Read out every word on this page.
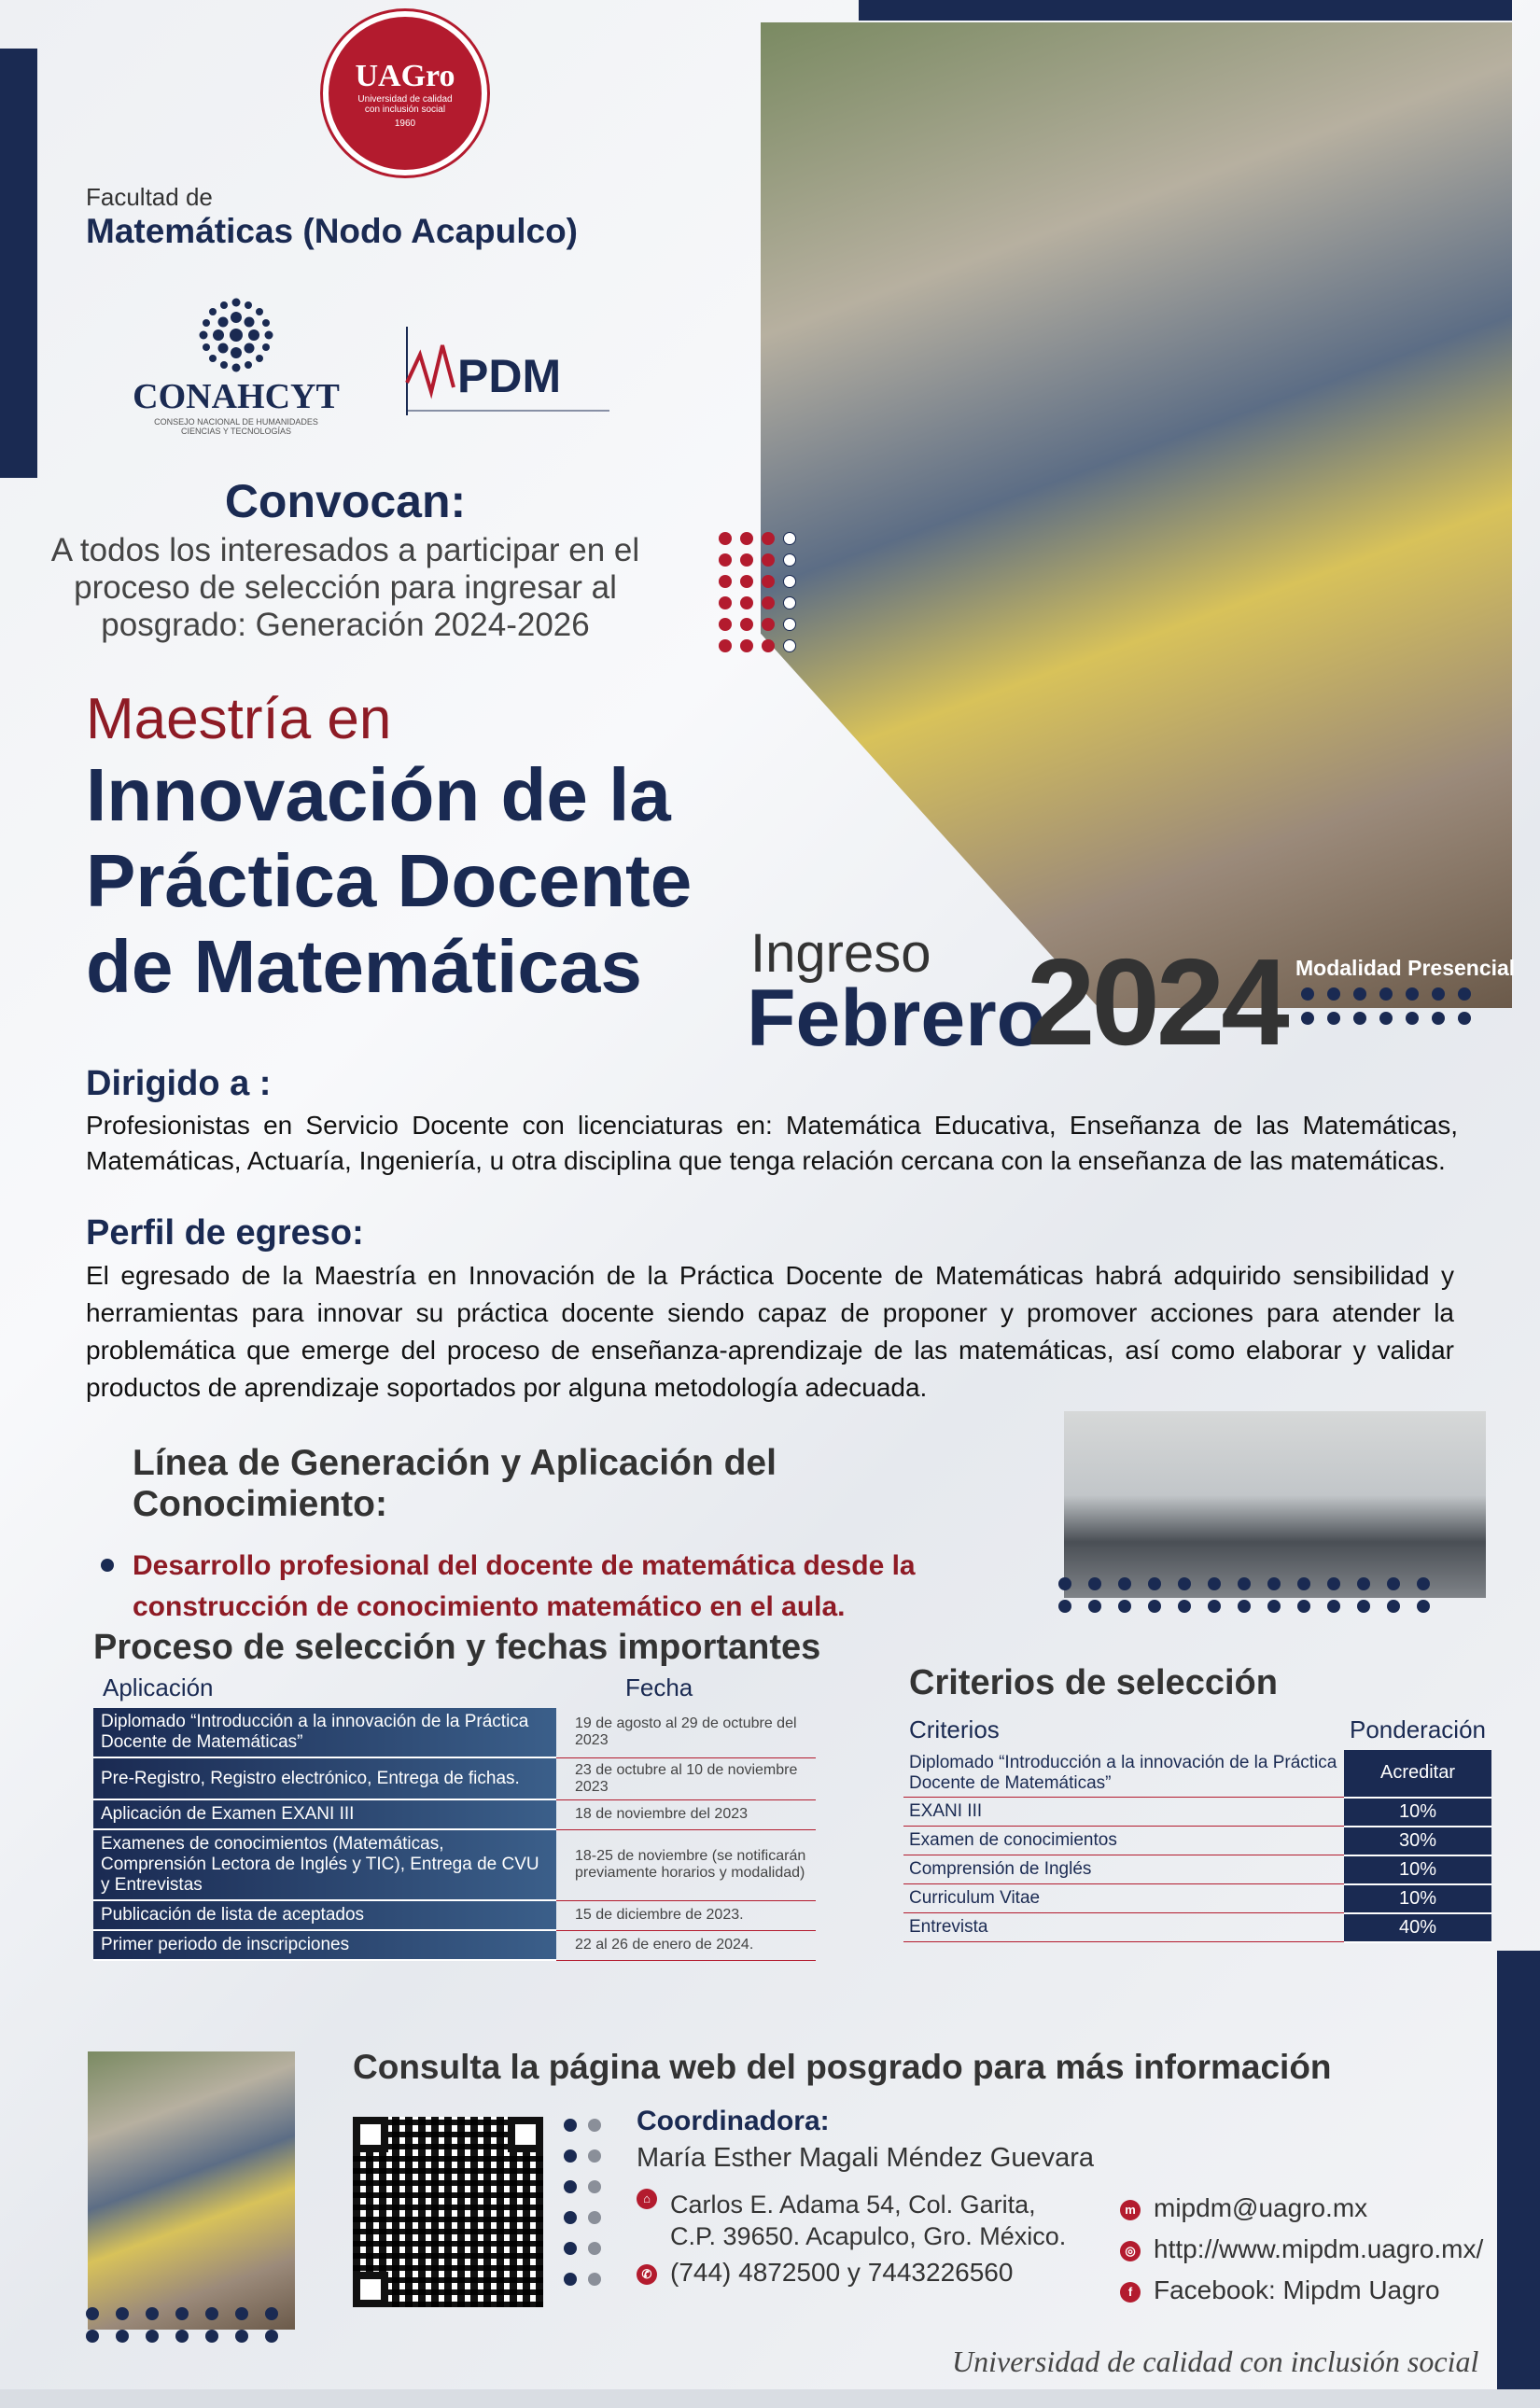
UAGro
Universidad de calidad con inclusión social
1960
Facultad de
Matemáticas (Nodo Acapulco)
CONAHCYT
CONSEJO NACIONAL DE HUMANIDADES CIENCIAS Y TECNOLOGÍAS
PDM
Convocan:
A todos los interesados a participar en el proceso de selección para ingresar al posgrado: Generación 2024-2026
Maestría en
Innovación de la
Práctica Docente
de Matemáticas	Ingreso
Febrero
2024 Modalidad Presencial
Dirigido a :
Profesionistas en Servicio Docente con licenciaturas en: Matemática Educativa, Enseñanza de las Matemáticas, Matemáticas, Actuaría, Ingeniería, u otra disciplina que tenga relación cercana con la enseñanza de las matemáticas.
Perfil de egreso:
El egresado de la Maestría en Innovación de la Práctica Docente de Matemáticas habrá adquirido sensibilidad y herramientas para innovar su práctica docente siendo capaz de proponer y promover acciones para atender la problemática que emerge del proceso de enseñanza-aprendizaje de las matemáticas, así como elaborar y validar productos de aprendizaje soportados por alguna metodología adecuada.
Línea de Generación y Aplicación del Conocimiento:
Desarrollo profesional del docente de matemática desde la construcción de conocimiento matemático en el aula.
Proceso de selección y fechas importantes
Aplicación	Fecha
Diplomado “Introducción a la innovación de la Práctica Docente de Matemáticas”	19 de agosto al 29 de octubre del 2023
Pre-Registro, Registro electrónico, Entrega de fichas.	23 de octubre al 10 de noviembre 2023
Aplicación de Examen EXANI III	18 de noviembre del 2023
Examenes de conocimientos (Matemáticas, Comprensión Lectora de Inglés y TIC), Entrega de CVU y Entrevistas	18-25 de noviembre (se notificarán previamente horarios y modalidad)
Publicación de lista de aceptados	15 de diciembre de 2023.
Primer periodo de inscripciones	22 al 26 de enero de 2024.
Criterios de selección
Criterios	Ponderación
Diplomado “Introducción a la innovación de la Práctica Docente de Matemáticas”	Acreditar
EXANI III	10%
Examen de conocimientos	30%
Comprensión de Inglés	10%
Curriculum Vitae	10%
Entrevista	40%
Consulta la página web del posgrado para más información
Coordinadora:
María Esther Magali Méndez Guevara
⌂ Carlos E. Adama 54, Col. Garita,
C.P. 39650. Acapulco, Gro. México.
✆ (744) 4872500 y 7443226560
m mipdm@uagro.mx
◎ http://www.mipdm.uagro.mx/
f Facebook: Mipdm Uagro
Universidad de calidad con inclusión social
